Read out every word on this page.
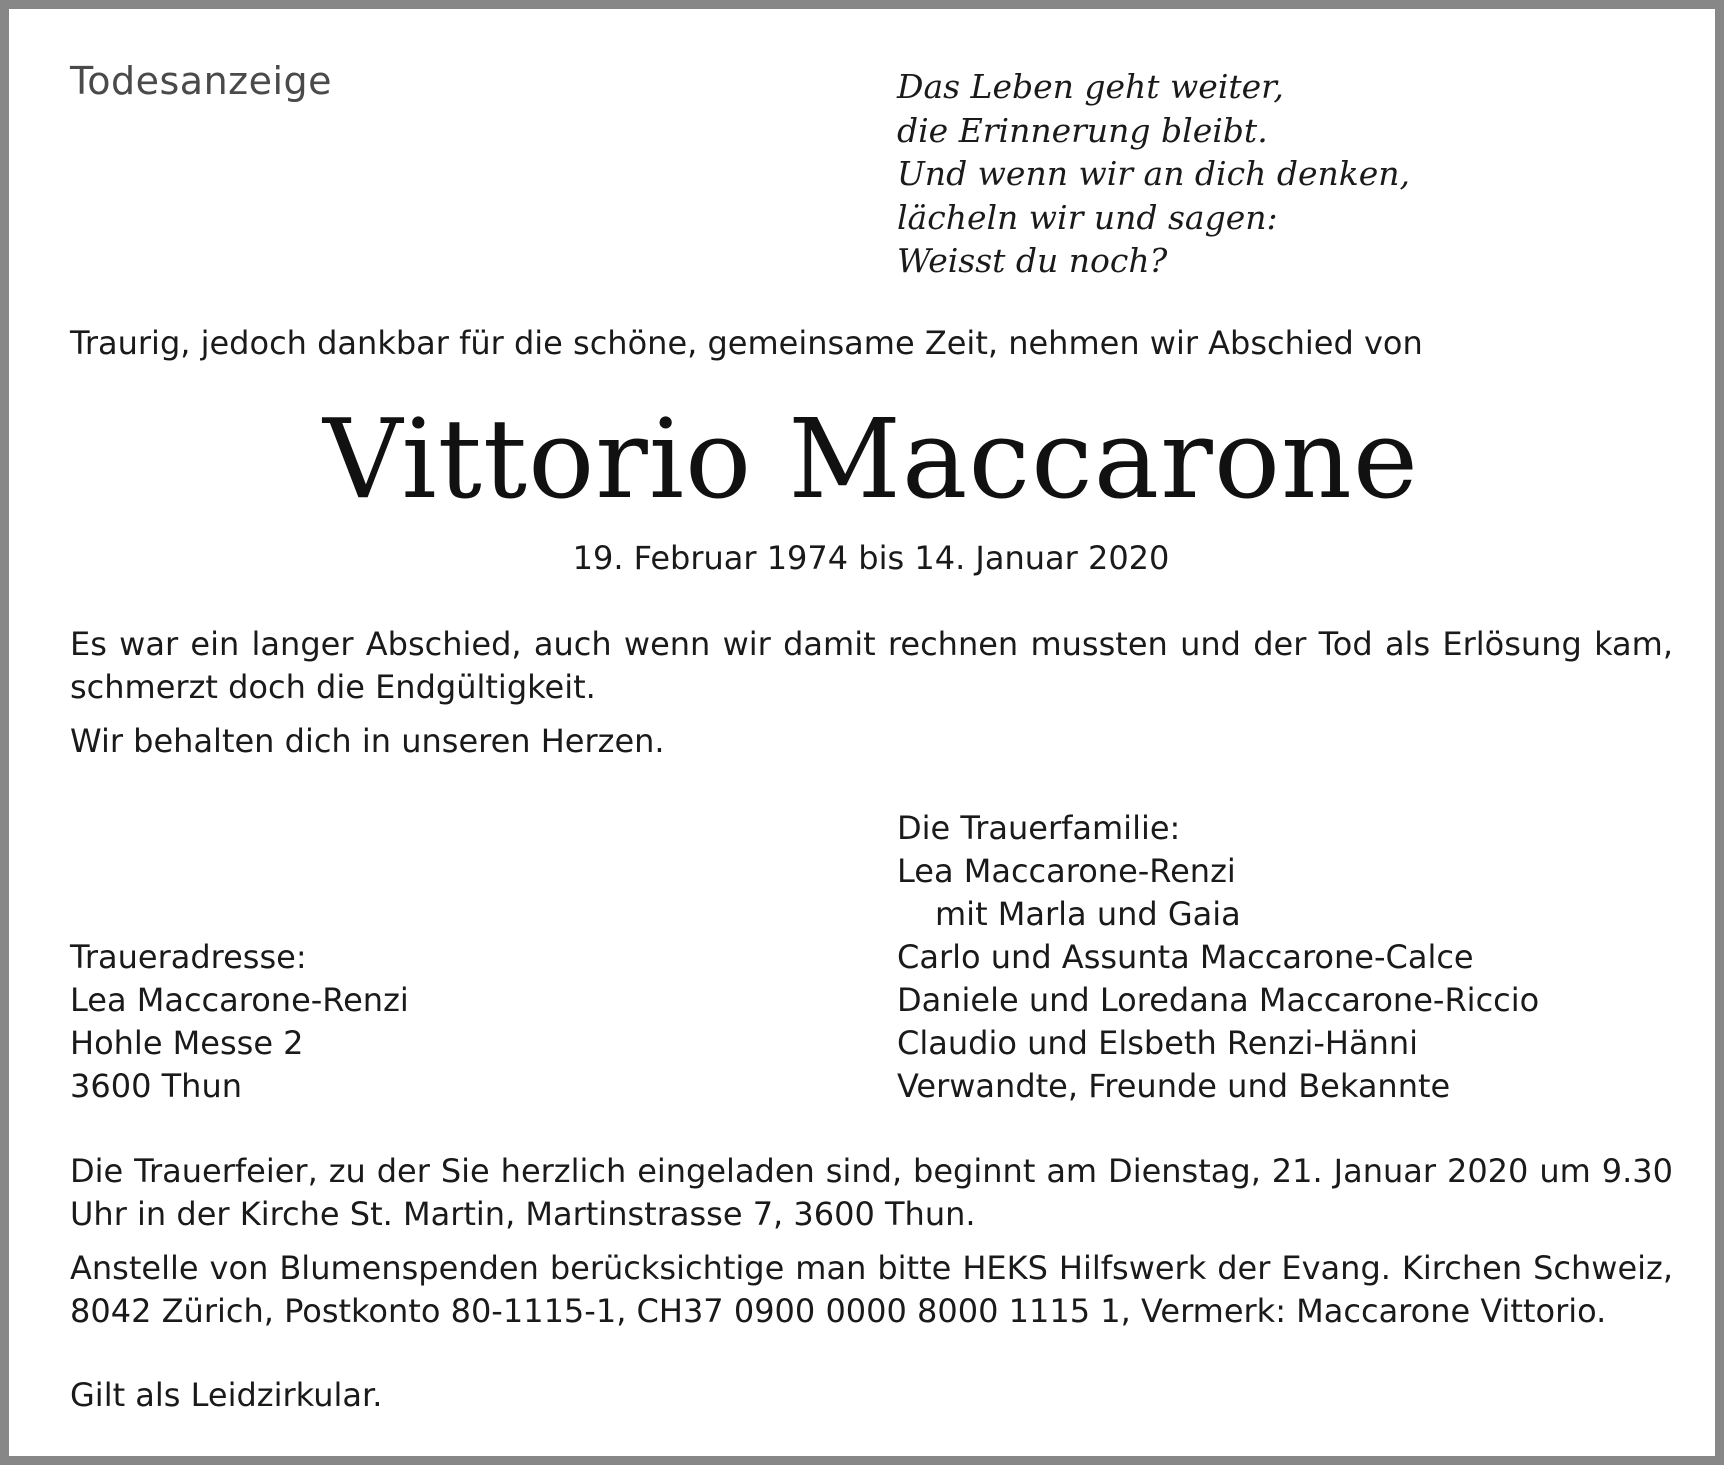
Todesanzeige	Das Leben geht weiter,
die Erinnerung bleibt.
Und wenn wir an dich denken,
lächeln wir und sagen:
Weisst du noch?
Traurig, jedoch dankbar für die schöne, gemeinsame Zeit, nehmen wir Abschied von
Vittorio Maccarone
19. Februar 1974 bis 14. Januar 2020
Es war ein langer Abschied, auch wenn wir damit rechnen mussten und der Tod als Erlösung kam, schmerzt doch die Endgültigkeit.
Wir behalten dich in unseren Herzen.
Die Trauerfamilie:
Lea Maccarone-Renzi
mit Marla und Gaia
Carlo und Assunta Maccarone-Calce
Daniele und Loredana Maccarone-Riccio
Claudio und Elsbeth Renzi-Hänni
Verwandte, Freunde und Bekannte
Traueradresse:
Lea Maccarone-Renzi
Hohle Messe 2
3600 Thun
Die Trauerfeier, zu der Sie herzlich eingeladen sind, beginnt am Dienstag, 21. Januar 2020 um 9.30 Uhr in der Kirche St. Martin, Martinstrasse 7, 3600 Thun.
Anstelle von Blumenspenden berücksichtige man bitte HEKS Hilfswerk der Evang. Kirchen Schweiz, 8042 Zürich, Postkonto 80-1115-1, CH37 0900 0000 8000 1115 1, Vermerk: Maccarone Vittorio.
Gilt als Leidzirkular.
